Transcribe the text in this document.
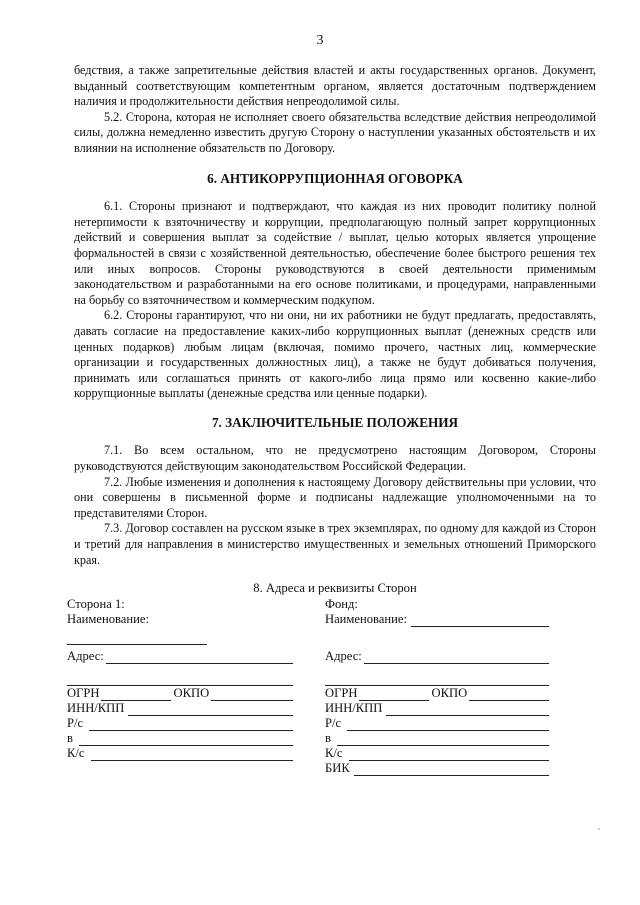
3

бедствия, а также запретительные действия властей и акты государственных органов. Документ, выданный соответствующим компетентным органом, является достаточным подтверждением наличия и продолжительности действия непреодолимой силы.

5.2. Сторона, которая не исполняет своего обязательства вследствие действия непреодолимой силы, должна немедленно известить другую Сторону о наступлении указанных обстоятельств и их влиянии на исполнение обязательств по Договору.

6. АНТИКОРРУПЦИОННАЯ ОГОВОРКА

6.1. Стороны признают и подтверждают, что каждая из них проводит политику полной нетерпимости к взяточничеству и коррупции, предполагающую полный запрет коррупционных действий и совершения выплат за содействие / выплат, целью которых является упрощение формальностей в связи с хозяйственной деятельностью, обеспечение более быстрого решения тех или иных вопросов. Стороны руководствуются в своей деятельности применимым законодательством и разработанными на его основе политиками, и процедурами, направленными на борьбу со взяточничеством и коммерческим подкупом.

6.2. Стороны гарантируют, что ни они, ни их работники не будут предлагать, предоставлять, давать согласие на предоставление каких-либо коррупционных выплат (денежных средств или ценных подарков) любым лицам (включая, помимо прочего, частных лиц, коммерческие организации и государственных должностных лиц), а также не будут добиваться получения, принимать или соглашаться принять от какого-либо лица прямо или косвенно какие-либо коррупционные выплаты (денежные средства или ценные подарки).

7. ЗАКЛЮЧИТЕЛЬНЫЕ ПОЛОЖЕНИЯ

7.1. Во всем остальном, что не предусмотрено настоящим Договором, Стороны руководствуются действующим законодательством Российской Федерации.

7.2. Любые изменения и дополнения к настоящему Договору действительны при условии, что они совершены в письменной форме и подписаны надлежащие уполномоченными на то представителями Сторон.

7.3. Договор составлен на русском языке в трех экземплярах, по одному для каждой из Сторон и третий для направления в министерство имущественных и земельных отношений Приморского края.

8. Адреса и реквизиты Сторон

Сторона 1:
Наименование:
Адрес:
ОГРН	ОКПО
ИНН/КПП
Р/с
в
К/с
Фонд:
Наименование:
Адрес:
ОГРН	ОКПО
ИНН/КПП
Р/с
в
К/с
БИК
